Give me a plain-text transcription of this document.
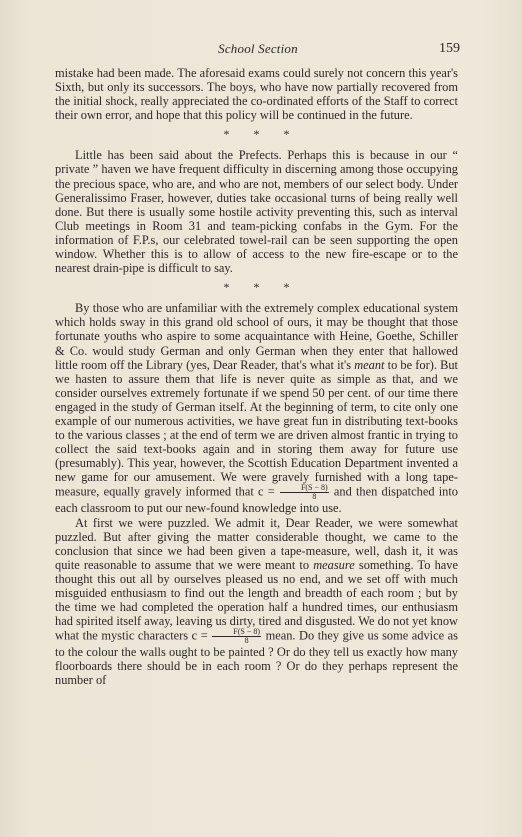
School Section	159

mistake had been made. The aforesaid exams could surely not concern this year's Sixth, but only its successors. The boys, who have now partially recovered from the initial shock, really appreciated the co-ordinated efforts of the Staff to correct their own error, and hope that this policy will be continued in the future.

* * *

Little has been said about the Prefects. Perhaps this is because in our “ private ” haven we have frequent difficulty in discerning among those occupying the precious space, who are, and who are not, members of our select body. Under Generalissimo Fraser, however, duties take occasional turns of being really well done. But there is usually some hostile activity preventing this, such as interval Club meetings in Room 31 and team-picking confabs in the Gym. For the information of F.P.s, our celebrated towel-rail can be seen supporting the open window. Whether this is to allow of access to the new fire-escape or to the nearest drain-pipe is difficult to say.

* * *

By those who are unfamiliar with the extremely complex educational system which holds sway in this grand old school of ours, it may be thought that those fortunate youths who aspire to some acquaintance with Heine, Goethe, Schiller & Co. would study German and only German when they enter that hallowed little room off the Library (yes, Dear Reader, that's what it's meant to be for). But we hasten to assure them that life is never quite as simple as that, and we consider ourselves extremely fortunate if we spend 50 per cent. of our time there engaged in the study of German itself. At the beginning of term, to cite only one example of our numerous activities, we have great fun in distributing text-books to the various classes ; at the end of term we are driven almost frantic in trying to collect the said text-books again and in storing them away for future use (presumably). This year, however, the Scottish Education Department invented a new game for our amusement. We were gravely furnished with a long tape-measure, equally gravely informed that $c = \frac{F(S - 8)}{8}$ and then dispatched into each classroom to put our new-found knowledge into use.

At first we were puzzled. We admit it, Dear Reader, we were somewhat puzzled. But after giving the matter considerable thought, we came to the conclusion that since we had been given a tape-measure, well, dash it, it was quite reasonable to assume that we were meant to measure something. To have thought this out all by ourselves pleased us no end, and we set off with much misguided enthusiasm to find out the length and breadth of each room ; but by the time we had completed the operation half a hundred times, our enthusiasm had spirited itself away, leaving us dirty, tired and disgusted. We do not yet know what the mystic characters $c = \frac{F(S - 8)}{8}$ mean. Do they give us some advice as to the colour the walls ought to be painted ? Or do they tell us exactly how many floorboards there should be in each room ? Or do they perhaps represent the number of
